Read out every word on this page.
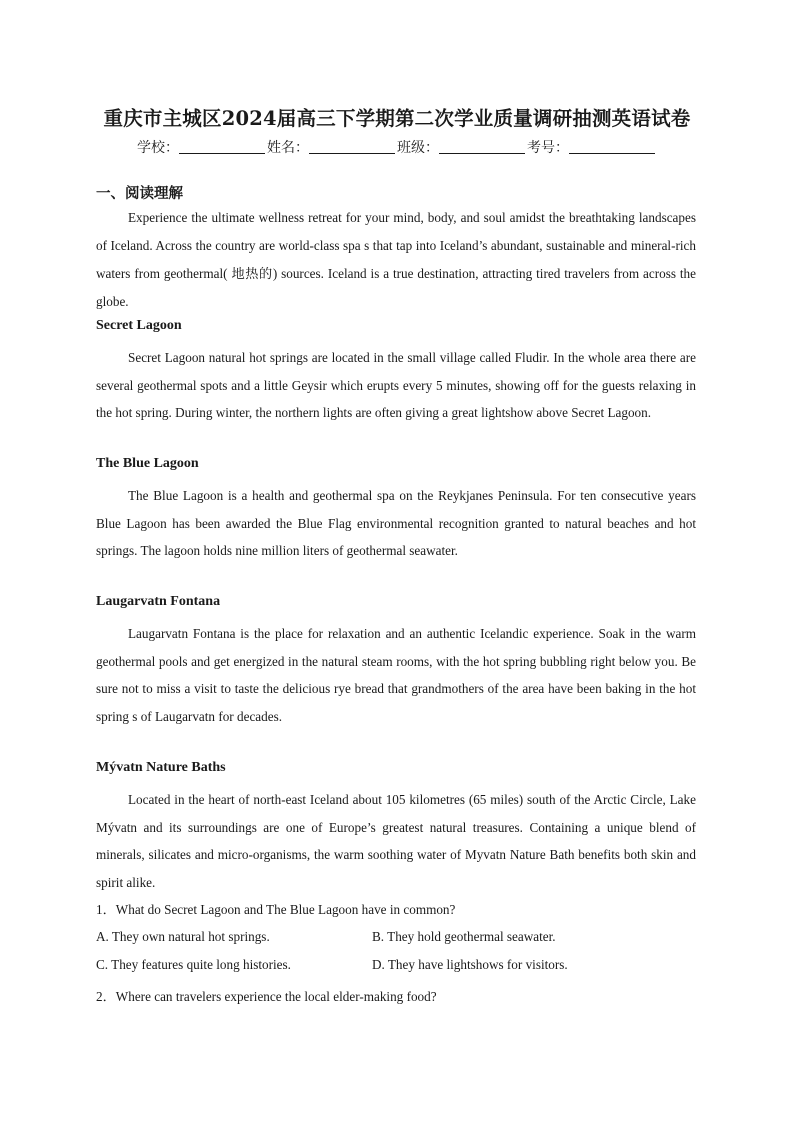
重庆市主城区2024届高三下学期第二次学业质量调研抽测英语试卷
学校：	姓名：	班级：	考号：
一、阅读理解
Experience the ultimate wellness retreat for your mind, body, and soul amidst the breathtaking landscapes of Iceland. Across the country are world-class spa s that tap into Iceland’s abundant, sustainable and mineral-rich waters from geothermal( 地热的) sources. Iceland is a true destination, attracting tired travelers from across the globe.
Secret Lagoon
Secret Lagoon natural hot springs are located in the small village called Fludir. In the whole area there are several geothermal spots and a little Geysir which erupts every 5 minutes, showing off for the guests relaxing in the hot spring. During winter, the northern lights are often giving a great lightshow above Secret Lagoon.
The Blue Lagoon
The Blue Lagoon is a health and geothermal spa on the Reykjanes Peninsula. For ten consecutive years Blue Lagoon has been awarded the Blue Flag environmental recognition granted to natural beaches and hot springs. The lagoon holds nine million liters of geothermal seawater.
Laugarvatn Fontana
Laugarvatn Fontana is the place for relaxation and an authentic Icelandic experience. Soak in the warm geothermal pools and get energized in the natural steam rooms, with the hot spring bubbling right below you. Be sure not to miss a visit to taste the delicious rye bread that grandmothers of the area have been baking in the hot spring s of Laugarvatn for decades.
Mývatn Nature Baths
Located in the heart of north-east Iceland about 105 kilometres (65 miles) south of the Arctic Circle, Lake Mývatn and its surroundings are one of Europe’s greatest natural treasures. Containing a unique blend of minerals, silicates and micro-organisms, the warm soothing water of Myvatn Nature Bath benefits both skin and spirit alike.
1．What do Secret Lagoon and The Blue Lagoon have in common?
A. They own natural hot springs.	B. They hold geothermal seawater.
C. They features quite long histories.	D. They have lightshows for visitors.
2．Where can travelers experience the local elder-making food?
